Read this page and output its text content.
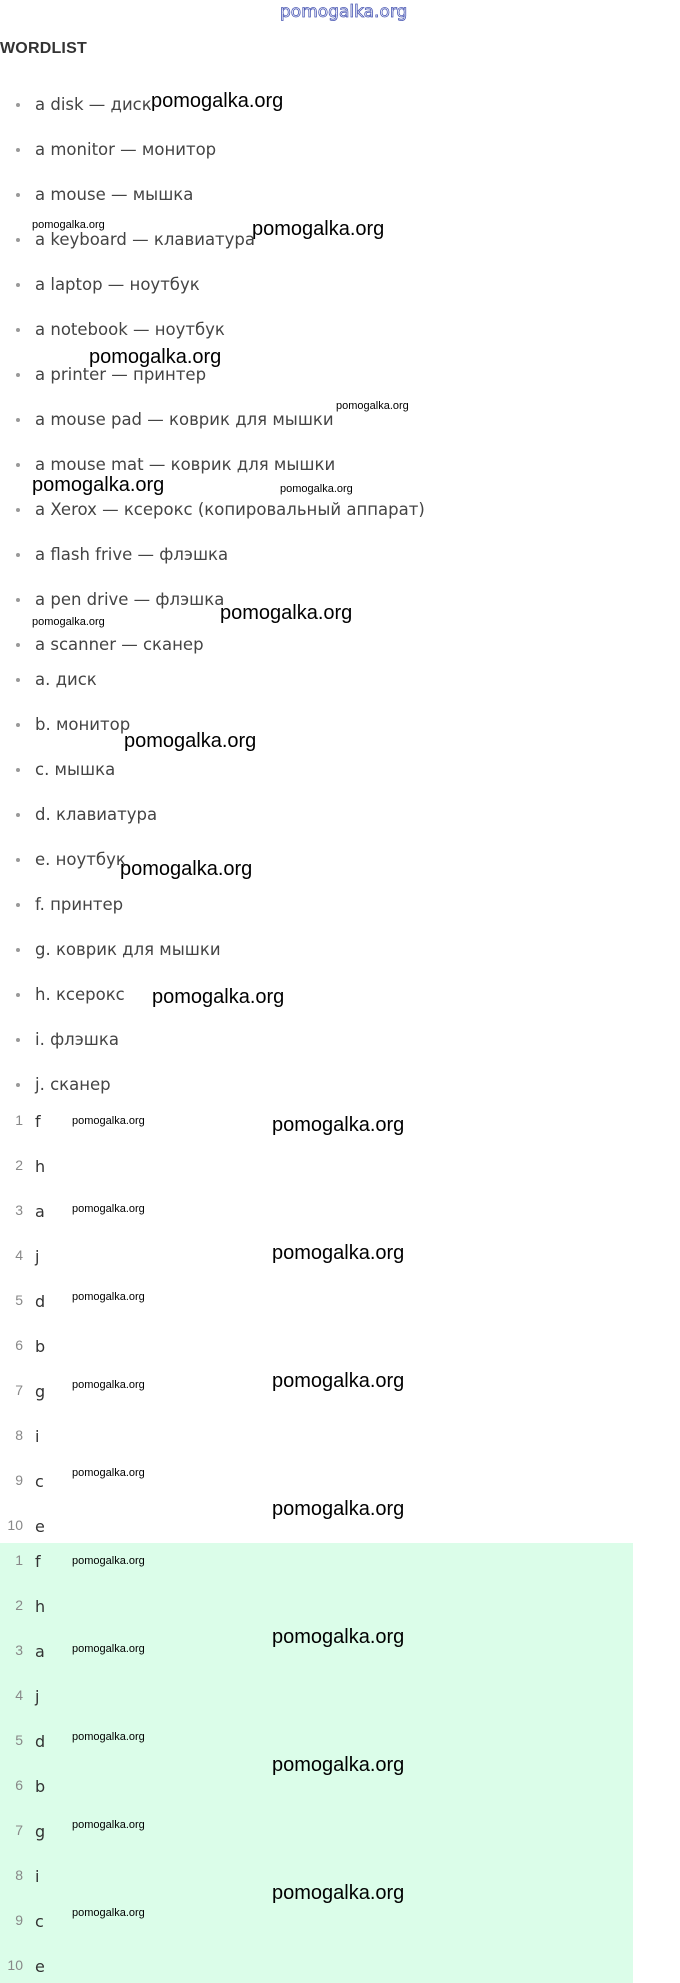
pomogalka.org
WORDLIST
a disk — диск
a monitor — монитор
a mouse — мышка
a keyboard — клавиатура
a laptop — ноутбук
a notebook — ноутбук
a printer — принтер
a mouse pad — коврик для мышки
a mouse mat — коврик для мышки
a Xerox — ксерокс (копировальный аппарат)
a flash frive — флэшка
a pen drive — флэшка
a scanner — сканер
a. диск
b. монитор
c. мышка
d. клавиатура
e. ноутбук
f. принтер
g. коврик для мышки
h. ксерокс
i. флэшка
j. сканер
1 f
2 h
3 a
4 j
5 d
6 b
7 g
8 i
9 c
10 e
1 f
2 h
3 a
4 j
5 d
6 b
7 g
8 i
9 c
10 e
pomogalka.org
pomogalka.org	pomogalka.org
pomogalka.org
pomogalka.org
pomogalka.org	pomogalka.org
pomogalka.org	pomogalka.org
pomogalka.org
pomogalka.org
pomogalka.org
pomogalka.org	pomogalka.org
pomogalka.org
pomogalka.org
pomogalka.org
pomogalka.org	pomogalka.org
pomogalka.org
pomogalka.org
pomogalka.org
pomogalka.org
pomogalka.org
pomogalka.org
pomogalka.org
pomogalka.org
pomogalka.org
pomogalka.org
